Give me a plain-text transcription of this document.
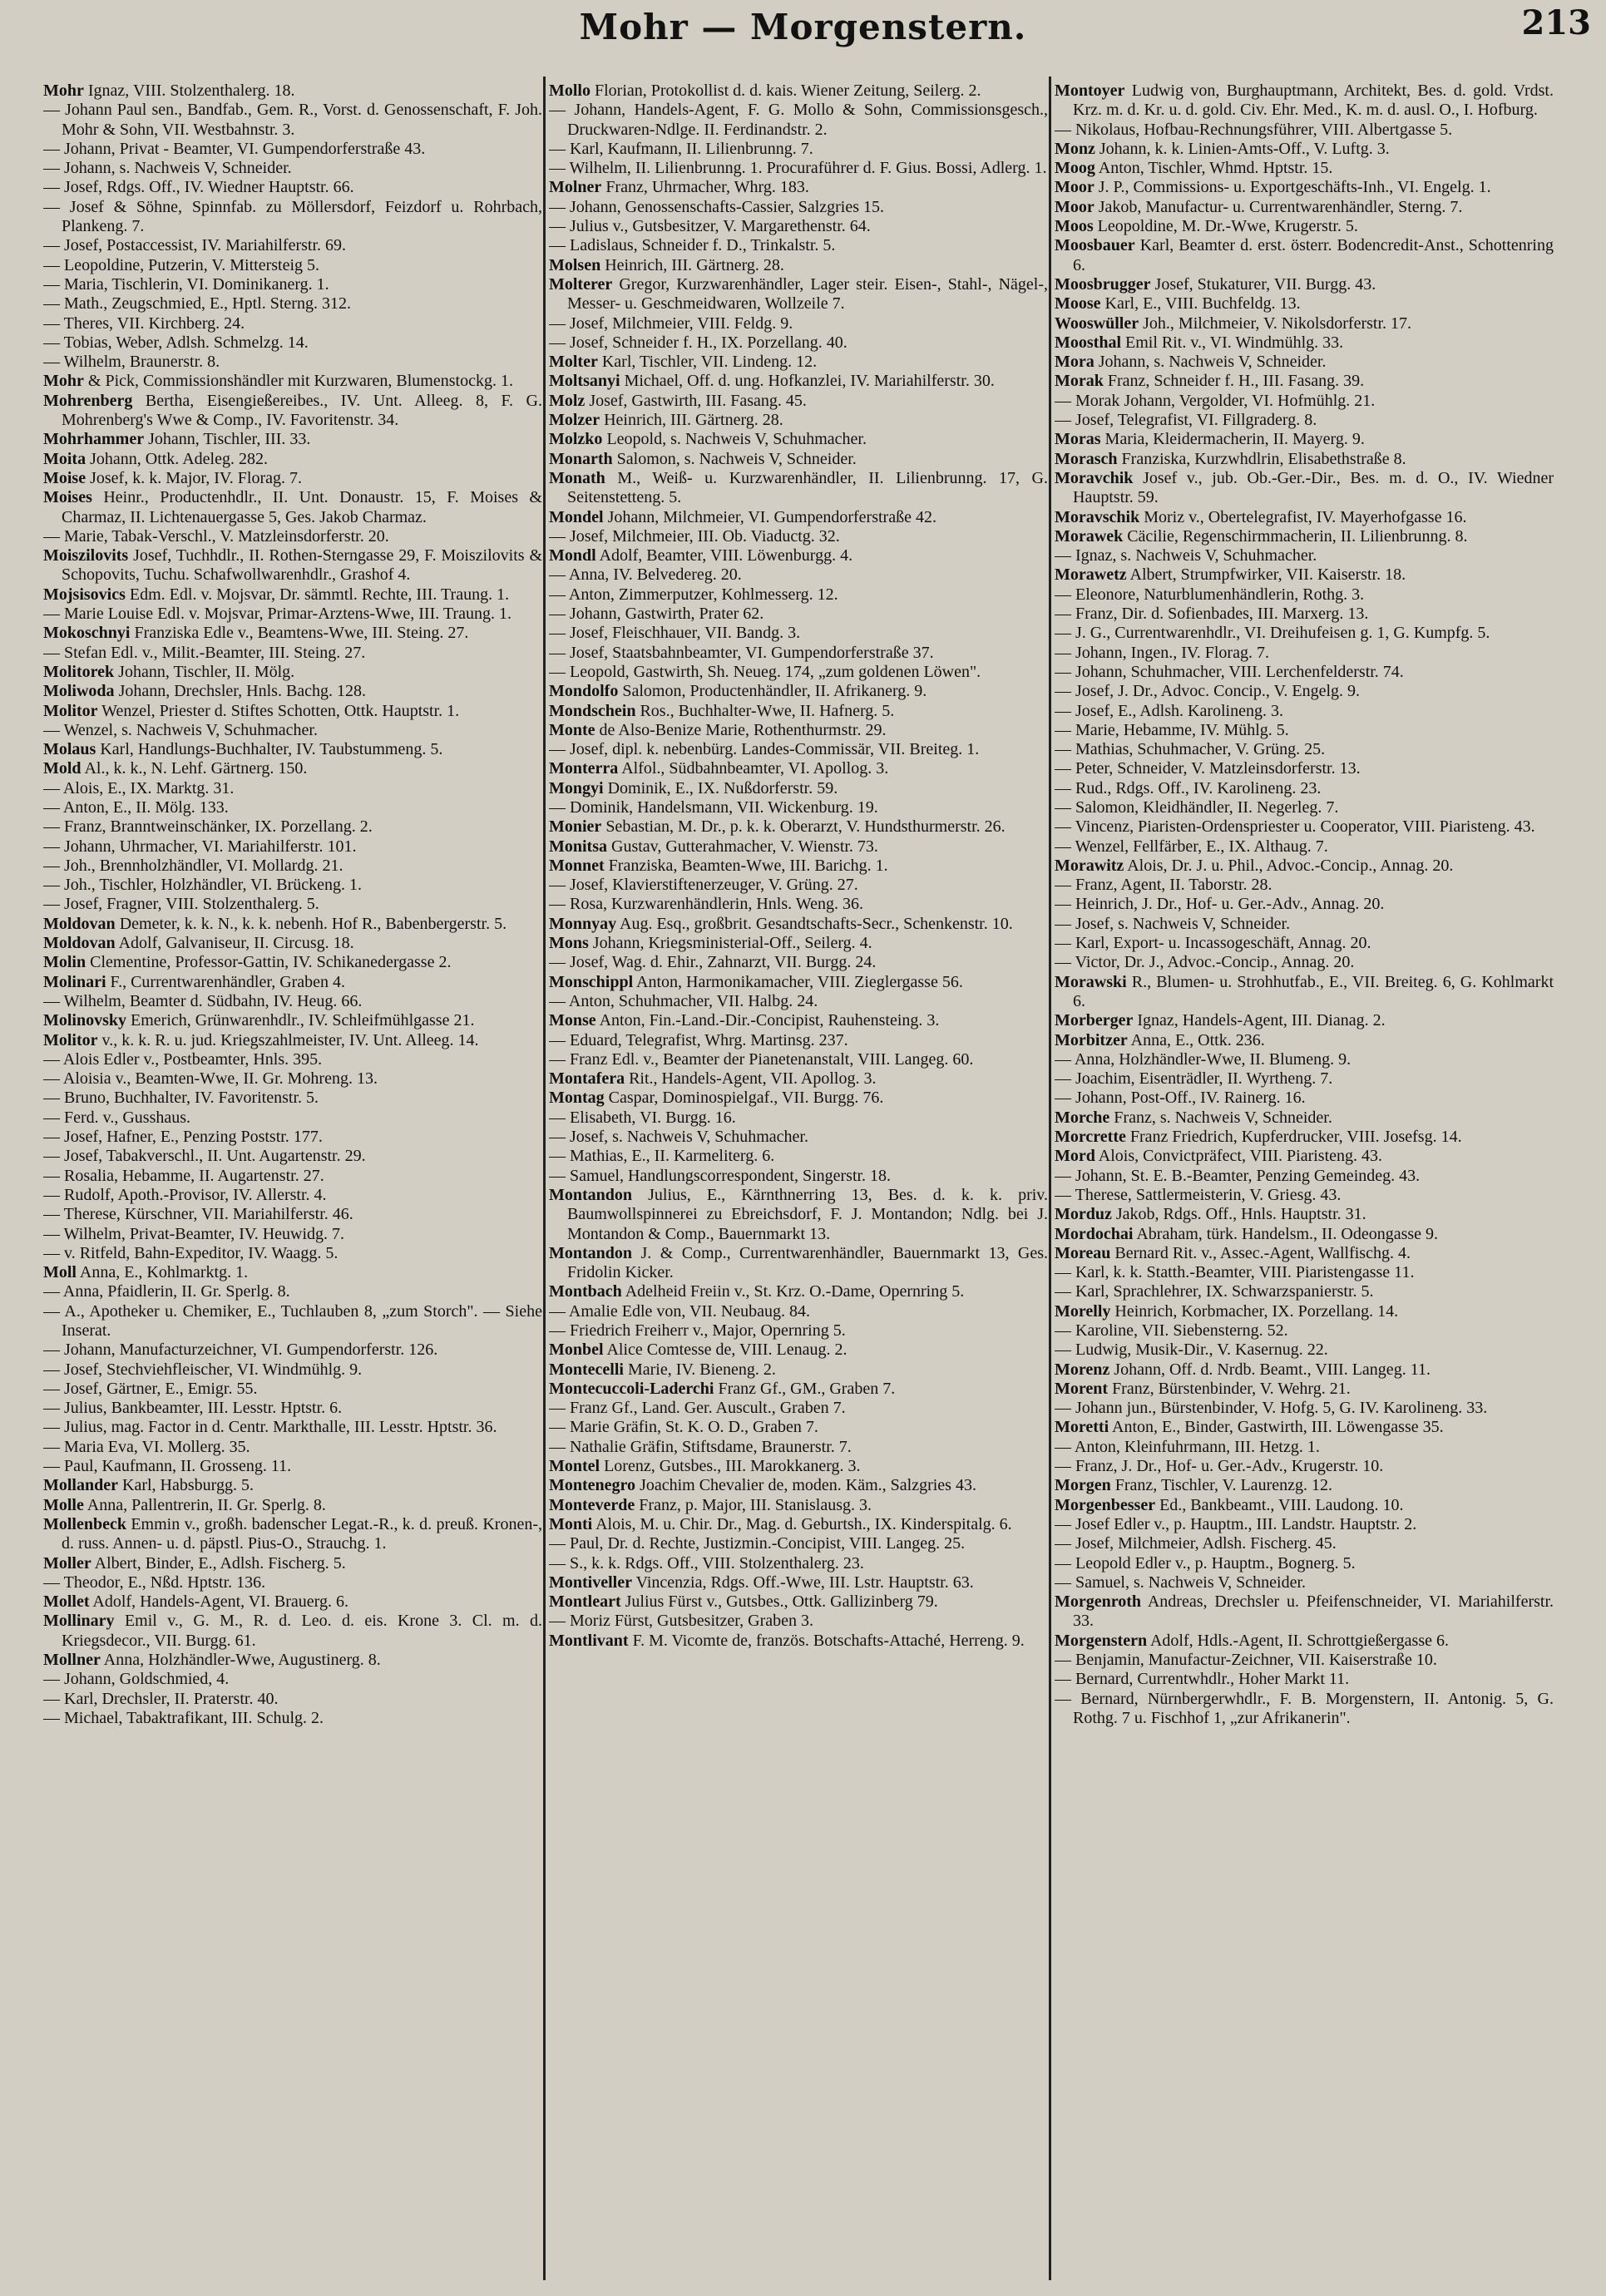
Mohr — Morgenstern.	213
Mohr Ignaz, VIII. Stolzenthalerg. 18.
— Johann Paul sen., Bandfab., Gem. R., Vorst. d. Genossenschaft, F. Joh. Mohr & Sohn, VII. Westbahnstr. 3.
— Johann, Privat - Beamter, VI. Gumpendorferstraße 43.
— Johann, s. Nachweis V, Schneider.
— Josef, Rdgs. Off., IV. Wiedner Hauptstr. 66.
— Josef & Söhne, Spinnfab. zu Möllersdorf, Feizdorf u. Rohrbach, Plankeng. 7.
— Josef, Postaccessist, IV. Mariahilferstr. 69.
— Leopoldine, Putzerin, V. Mittersteig 5.
— Maria, Tischlerin, VI. Dominikanerg. 1.
— Math., Zeugschmied, E., Hptl. Sterng. 312.
— Theres, VII. Kirchberg. 24.
— Tobias, Weber, Adlsh. Schmelzg. 14.
— Wilhelm, Braunerstr. 8.
Mohr & Pick, Commissionshändler mit Kurzwaren, Blumenstockg. 1.
Mohrenberg Bertha, Eisengießereibes., IV. Unt. Alleeg. 8, F. G. Mohrenberg's Wwe & Comp., IV. Favoritenstr. 34.
Mohrhammer Johann, Tischler, III. 33.
Moita Johann, Ottk. Adeleg. 282.
Moise Josef, k. k. Major, IV. Florag. 7.
Moises Heinr., Productenhdlr., II. Unt. Donaustr. 15, F. Moises & Charmaz, II. Lichtenauergasse 5, Ges. Jakob Charmaz.
— Marie, Tabak-Verschl., V. Matzleinsdorferstr. 20.
Moiszilovits Josef, Tuchhdlr., II. Rothen-Sterngasse 29, F. Moiszilovits & Schopovits, Tuchu. Schafwollwarenhdlr., Grashof 4.
Mojsisovics Edm. Edl. v. Mojsvar, Dr. sämmtl. Rechte, III. Traung. 1.
— Marie Louise Edl. v. Mojsvar, Primar-Arztens-Wwe, III. Traung. 1.
Mokoschnyi Franziska Edle v., Beamtens-Wwe, III. Steing. 27.
— Stefan Edl. v., Milit.-Beamter, III. Steing. 27.
Molitorek Johann, Tischler, II. Mölg.
Moliwoda Johann, Drechsler, Hnls. Bachg. 128.
Molitor Wenzel, Priester d. Stiftes Schotten, Ottk. Hauptstr. 1.
— Wenzel, s. Nachweis V, Schuhmacher.
Molaus Karl, Handlungs-Buchhalter, IV. Taubstummeng. 5.
Mold Al., k. k., N. Lehf. Gärtnerg. 150.
— Alois, E., IX. Marktg. 31.
— Anton, E., II. Mölg. 133.
— Franz, Branntweinschänker, IX. Porzellang. 2.
— Johann, Uhrmacher, VI. Mariahilferstr. 101.
— Joh., Brennholzhändler, VI. Mollardg. 21.
— Joh., Tischler, Holzhändler, VI. Brückeng. 1.
— Josef, Fragner, VIII. Stolzenthalerg. 5.
Moldovan Demeter, k. k. N., k. k. nebenh. Hof R., Babenbergerstr. 5.
Moldovan Adolf, Galvaniseur, II. Circusg. 18.
Molin Clementine, Professor-Gattin, IV. Schikanedergasse 2.
Molinari F., Currentwarenhändler, Graben 4.
— Wilhelm, Beamter d. Südbahn, IV. Heug. 66.
Molinovsky Emerich, Grünwarenhdlr., IV. Schleifmühlgasse 21.
Molitor v., k. k. R. u. jud. Kriegszahlmeister, IV. Unt. Alleeg. 14.
— Alois Edler v., Postbeamter, Hnls. 395.
— Aloisia v., Beamten-Wwe, II. Gr. Mohreng. 13.
— Bruno, Buchhalter, IV. Favoritenstr. 5.
— Ferd. v., Gusshaus.
— Josef, Hafner, E., Penzing Poststr. 177.
— Josef, Tabakverschl., II. Unt. Augartenstr. 29.
— Rosalia, Hebamme, II. Augartenstr. 27.
— Rudolf, Apoth.-Provisor, IV. Allerstr. 4.
— Therese, Kürschner, VII. Mariahilferstr. 46.
— Wilhelm, Privat-Beamter, IV. Heuwidg. 7.
— v. Ritfeld, Bahn-Expeditor, IV. Waagg. 5.
Moll Anna, E., Kohlmarktg. 1.
— Anna, Pfaidlerin, II. Gr. Sperlg. 8.
— A., Apotheker u. Chemiker, E., Tuchlauben 8, „zum Storch". — Siehe Inserat.
— Johann, Manufacturzeichner, VI. Gumpendorferstr. 126.
— Josef, Stechviehfleischer, VI. Windmühlg. 9.
— Josef, Gärtner, E., Emigr. 55.
— Julius, Bankbeamter, III. Lesstr. Hptstr. 6.
— Julius, mag. Factor in d. Centr. Markthalle, III. Lesstr. Hptstr. 36.
— Maria Eva, VI. Mollerg. 35.
— Paul, Kaufmann, II. Grosseng. 11.
Mollander Karl, Habsburgg. 5.
Molle Anna, Pallentrerin, II. Gr. Sperlg. 8.
Mollenbeck Emmin v., großh. badenscher Legat.-R., k. d. preuß. Kronen-, d. russ. Annen- u. d. päpstl. Pius-O., Strauchg. 1.
Moller Albert, Binder, E., Adlsh. Fischerg. 5.
— Theodor, E., Nßd. Hptstr. 136.
Mollet Adolf, Handels-Agent, VI. Brauerg. 6.
Mollinary Emil v., G. M., R. d. Leo. d. eis. Krone 3. Cl. m. d. Kriegsdecor., VII. Burgg. 61.
Mollner Anna, Holzhändler-Wwe, Augustinerg. 8.
— Johann, Goldschmied, 4.
— Karl, Drechsler, II. Praterstr. 40.
— Michael, Tabaktrafikant, III. Schulg. 2.
Mollo Florian, Protokollist d. d. kais. Wiener Zeitung, Seilerg. 2.
— Johann, Handels-Agent, F. G. Mollo & Sohn, Commissionsgesch., Druckwaren-Ndlge. II. Ferdinandstr. 2.
— Karl, Kaufmann, II. Lilienbrunng. 7.
— Wilhelm, II. Lilienbrunng. 1. Procuraführer d. F. Gius. Bossi, Adlerg. 1.
Molner Franz, Uhrmacher, Whrg. 183.
— Johann, Genossenschafts-Cassier, Salzgries 15.
— Julius v., Gutsbesitzer, V. Margarethenstr. 64.
— Ladislaus, Schneider f. D., Trinkalstr. 5.
Molsen Heinrich, III. Gärtnerg. 28.
Molterer Gregor, Kurzwarenhändler, Lager steir. Eisen-, Stahl-, Nägel-, Messer- u. Geschmeidwaren, Wollzeile 7.
— Josef, Milchmeier, VIII. Feldg. 9.
— Josef, Schneider f. H., IX. Porzellang. 40.
Molter Karl, Tischler, VII. Lindeng. 12.
Moltsanyi Michael, Off. d. ung. Hofkanzlei, IV. Mariahilferstr. 30.
Molz Josef, Gastwirth, III. Fasang. 45.
Molzer Heinrich, III. Gärtnerg. 28.
Molzko Leopold, s. Nachweis V, Schuhmacher.
Monarth Salomon, s. Nachweis V, Schneider.
Monath M., Weiß- u. Kurzwarenhändler, II. Lilienbrunng. 17, G. Seitenstetteng. 5.
Mondel Johann, Milchmeier, VI. Gumpendorferstraße 42.
— Josef, Milchmeier, III. Ob. Viaductg. 32.
Mondl Adolf, Beamter, VIII. Löwenburgg. 4.
— Anna, IV. Belvedereg. 20.
— Anton, Zimmerputzer, Kohlmesserg. 12.
— Johann, Gastwirth, Prater 62.
— Josef, Fleischhauer, VII. Bandg. 3.
— Josef, Staatsbahnbeamter, VI. Gumpendorferstraße 37.
— Leopold, Gastwirth, Sh. Neueg. 174, „zum goldenen Löwen".
Mondolfo Salomon, Productenhändler, II. Afrikanerg. 9.
Mondschein Ros., Buchhalter-Wwe, II. Hafnerg. 5.
Monte de Also-Benize Marie, Rothenthurmstr. 29.
— Josef, dipl. k. nebenbürg. Landes-Commissär, VII. Breiteg. 1.
Monterra Alfol., Südbahnbeamter, VI. Apollog. 3.
Mongyi Dominik, E., IX. Nußdorferstr. 59.
— Dominik, Handelsmann, VII. Wickenburg. 19.
Monier Sebastian, M. Dr., p. k. k. Oberarzt, V. Hundsthurmerstr. 26.
Monitsa Gustav, Gutterahmacher, V. Wienstr. 73.
Monnet Franziska, Beamten-Wwe, III. Barichg. 1.
— Josef, Klavierstiftenerzeuger, V. Grüng. 27.
— Rosa, Kurzwarenhändlerin, Hnls. Weng. 36.
Monnyay Aug. Esq., großbrit. Gesandtschafts-Secr., Schenkenstr. 10.
Mons Johann, Kriegsministerial-Off., Seilerg. 4.
— Josef, Wag. d. Ehir., Zahnarzt, VII. Burgg. 24.
Monschippl Anton, Harmonikamacher, VIII. Zieglergasse 56.
— Anton, Schuhmacher, VII. Halbg. 24.
Monse Anton, Fin.-Land.-Dir.-Concipist, Rauhensteing. 3.
— Eduard, Telegrafist, Whrg. Martinsg. 237.
— Franz Edl. v., Beamter der Pianetenanstalt, VIII. Langeg. 60.
Montafera Rit., Handels-Agent, VII. Apollog. 3.
Montag Caspar, Dominospielgaf., VII. Burgg. 76.
— Elisabeth, VI. Burgg. 16.
— Josef, s. Nachweis V, Schuhmacher.
— Mathias, E., II. Karmeliterg. 6.
— Samuel, Handlungscorrespondent, Singerstr. 18.
Montandon Julius, E., Kärnthnerring 13, Bes. d. k. k. priv. Baumwollspinnerei zu Ebreichsdorf, F. J. Montandon; Ndlg. bei J. Montandon & Comp., Bauernmarkt 13.
Montandon J. & Comp., Currentwarenhändler, Bauernmarkt 13, Ges. Fridolin Kicker.
Montbach Adelheid Freiin v., St. Krz. O.-Dame, Opernring 5.
— Amalie Edle von, VII. Neubaug. 84.
— Friedrich Freiherr v., Major, Opernring 5.
Monbel Alice Comtesse de, VIII. Lenaug. 2.
Montecelli Marie, IV. Bieneng. 2.
Montecuccoli-Laderchi Franz Gf., GM., Graben 7.
— Franz Gf., Land. Ger. Auscult., Graben 7.
— Marie Gräfin, St. K. O. D., Graben 7.
— Nathalie Gräfin, Stiftsdame, Braunerstr. 7.
Montel Lorenz, Gutsbes., III. Marokkanerg. 3.
Montenegro Joachim Chevalier de, moden. Käm., Salzgries 43.
Monteverde Franz, p. Major, III. Stanislausg. 3.
Monti Alois, M. u. Chir. Dr., Mag. d. Geburtsh., IX. Kinderspitalg. 6.
— Paul, Dr. d. Rechte, Justizmin.-Concipist, VIII. Langeg. 25.
— S., k. k. Rdgs. Off., VIII. Stolzenthalerg. 23.
Montiveller Vincenzia, Rdgs. Off.-Wwe, III. Lstr. Hauptstr. 63.
Montleart Julius Fürst v., Gutsbes., Ottk. Gallizinberg 79.
— Moriz Fürst, Gutsbesitzer, Graben 3.
Montlivant F. M. Vicomte de, französ. Botschafts-Attaché, Herreng. 9.
Montoyer Ludwig von, Burghauptmann, Architekt, Bes. d. gold. Vrdst. Krz. m. d. Kr. u. d. gold. Civ. Ehr. Med., K. m. d. ausl. O., I. Hofburg.
— Nikolaus, Hofbau-Rechnungsführer, VIII. Albertgasse 5.
Monz Johann, k. k. Linien-Amts-Off., V. Luftg. 3.
Moog Anton, Tischler, Whmd. Hptstr. 15.
Moor J. P., Commissions- u. Exportgeschäfts-Inh., VI. Engelg. 1.
Moor Jakob, Manufactur- u. Currentwarenhändler, Sterng. 7.
Moos Leopoldine, M. Dr.-Wwe, Krugerstr. 5.
Moosbauer Karl, Beamter d. erst. österr. Bodencredit-Anst., Schottenring 6.
Moosbrugger Josef, Stukaturer, VII. Burgg. 43.
Moose Karl, E., VIII. Buchfeldg. 13.
Wooswüller Joh., Milchmeier, V. Nikolsdorferstr. 17.
Moosthal Emil Rit. v., VI. Windmühlg. 33.
Mora Johann, s. Nachweis V, Schneider.
Morak Franz, Schneider f. H., III. Fasang. 39.
— Morak Johann, Vergolder, VI. Hofmühlg. 21.
— Josef, Telegrafist, VI. Fillgraderg. 8.
Moras Maria, Kleidermacherin, II. Mayerg. 9.
Morasch Franziska, Kurzwhdlrin, Elisabethstraße 8.
Moravchik Josef v., jub. Ob.-Ger.-Dir., Bes. m. d. O., IV. Wiedner Hauptstr. 59.
Moravschik Moriz v., Obertelegrafist, IV. Mayerhofgasse 16.
Morawek Cäcilie, Regenschirmmacherin, II. Lilienbrunng. 8.
— Ignaz, s. Nachweis V, Schuhmacher.
Morawetz Albert, Strumpfwirker, VII. Kaiserstr. 18.
— Eleonore, Naturblumenhändlerin, Rothg. 3.
— Franz, Dir. d. Sofienbades, III. Marxerg. 13.
— J. G., Currentwarenhdlr., VI. Dreihufeisen g. 1, G. Kumpfg. 5.
— Johann, Ingen., IV. Florag. 7.
— Johann, Schuhmacher, VIII. Lerchenfelderstr. 74.
— Josef, J. Dr., Advoc. Concip., V. Engelg. 9.
— Josef, E., Adlsh. Karolineng. 3.
— Marie, Hebamme, IV. Mühlg. 5.
— Mathias, Schuhmacher, V. Grüng. 25.
— Peter, Schneider, V. Matzleinsdorferstr. 13.
— Rud., Rdgs. Off., IV. Karolineng. 23.
— Salomon, Kleidhändler, II. Negerleg. 7.
— Vincenz, Piaristen-Ordenspriester u. Cooperator, VIII. Piaristeng. 43.
— Wenzel, Fellfärber, E., IX. Althaug. 7.
Morawitz Alois, Dr. J. u. Phil., Advoc.-Concip., Annag. 20.
— Franz, Agent, II. Taborstr. 28.
— Heinrich, J. Dr., Hof- u. Ger.-Adv., Annag. 20.
— Josef, s. Nachweis V, Schneider.
— Karl, Export- u. Incassogeschäft, Annag. 20.
— Victor, Dr. J., Advoc.-Concip., Annag. 20.
Morawski R., Blumen- u. Strohhutfab., E., VII. Breiteg. 6, G. Kohlmarkt 6.
Morberger Ignaz, Handels-Agent, III. Dianag. 2.
Morbitzer Anna, E., Ottk. 236.
— Anna, Holzhändler-Wwe, II. Blumeng. 9.
— Joachim, Eisenträdler, II. Wyrtheng. 7.
— Johann, Post-Off., IV. Rainerg. 16.
Morche Franz, s. Nachweis V, Schneider.
Morcrette Franz Friedrich, Kupferdrucker, VIII. Josefsg. 14.
Mord Alois, Convictpräfect, VIII. Piaristeng. 43.
— Johann, St. E. B.-Beamter, Penzing Gemeindeg. 43.
— Therese, Sattlermeisterin, V. Griesg. 43.
Morduz Jakob, Rdgs. Off., Hnls. Hauptstr. 31.
Mordochai Abraham, türk. Handelsm., II. Odeongasse 9.
Moreau Bernard Rit. v., Assec.-Agent, Wallfischg. 4.
— Karl, k. k. Statth.-Beamter, VIII. Piaristengasse 11.
— Karl, Sprachlehrer, IX. Schwarzspanierstr. 5.
Morelly Heinrich, Korbmacher, IX. Porzellang. 14.
— Karoline, VII. Siebensterng. 52.
— Ludwig, Musik-Dir., V. Kasernug. 22.
Morenz Johann, Off. d. Nrdb. Beamt., VIII. Langeg. 11.
Morent Franz, Bürstenbinder, V. Wehrg. 21.
— Johann jun., Bürstenbinder, V. Hofg. 5, G. IV. Karolineng. 33.
Moretti Anton, E., Binder, Gastwirth, III. Löwengasse 35.
— Anton, Kleinfuhrmann, III. Hetzg. 1.
— Franz, J. Dr., Hof- u. Ger.-Adv., Krugerstr. 10.
Morgen Franz, Tischler, V. Laurenzg. 12.
Morgenbesser Ed., Bankbeamt., VIII. Laudong. 10.
— Josef Edler v., p. Hauptm., III. Landstr. Hauptstr. 2.
— Josef, Milchmeier, Adlsh. Fischerg. 45.
— Leopold Edler v., p. Hauptm., Bognerg. 5.
— Samuel, s. Nachweis V, Schneider.
Morgenroth Andreas, Drechsler u. Pfeifenschneider, VI. Mariahilferstr. 33.
Morgenstern Adolf, Hdls.-Agent, II. Schrottgießergasse 6.
— Benjamin, Manufactur-Zeichner, VII. Kaiserstraße 10.
— Bernard, Currentwhdlr., Hoher Markt 11.
— Bernard, Nürnbergerwhdlr., F. B. Morgenstern, II. Antonig. 5, G. Rothg. 7 u. Fischhof 1, „zur Afrikanerin".
